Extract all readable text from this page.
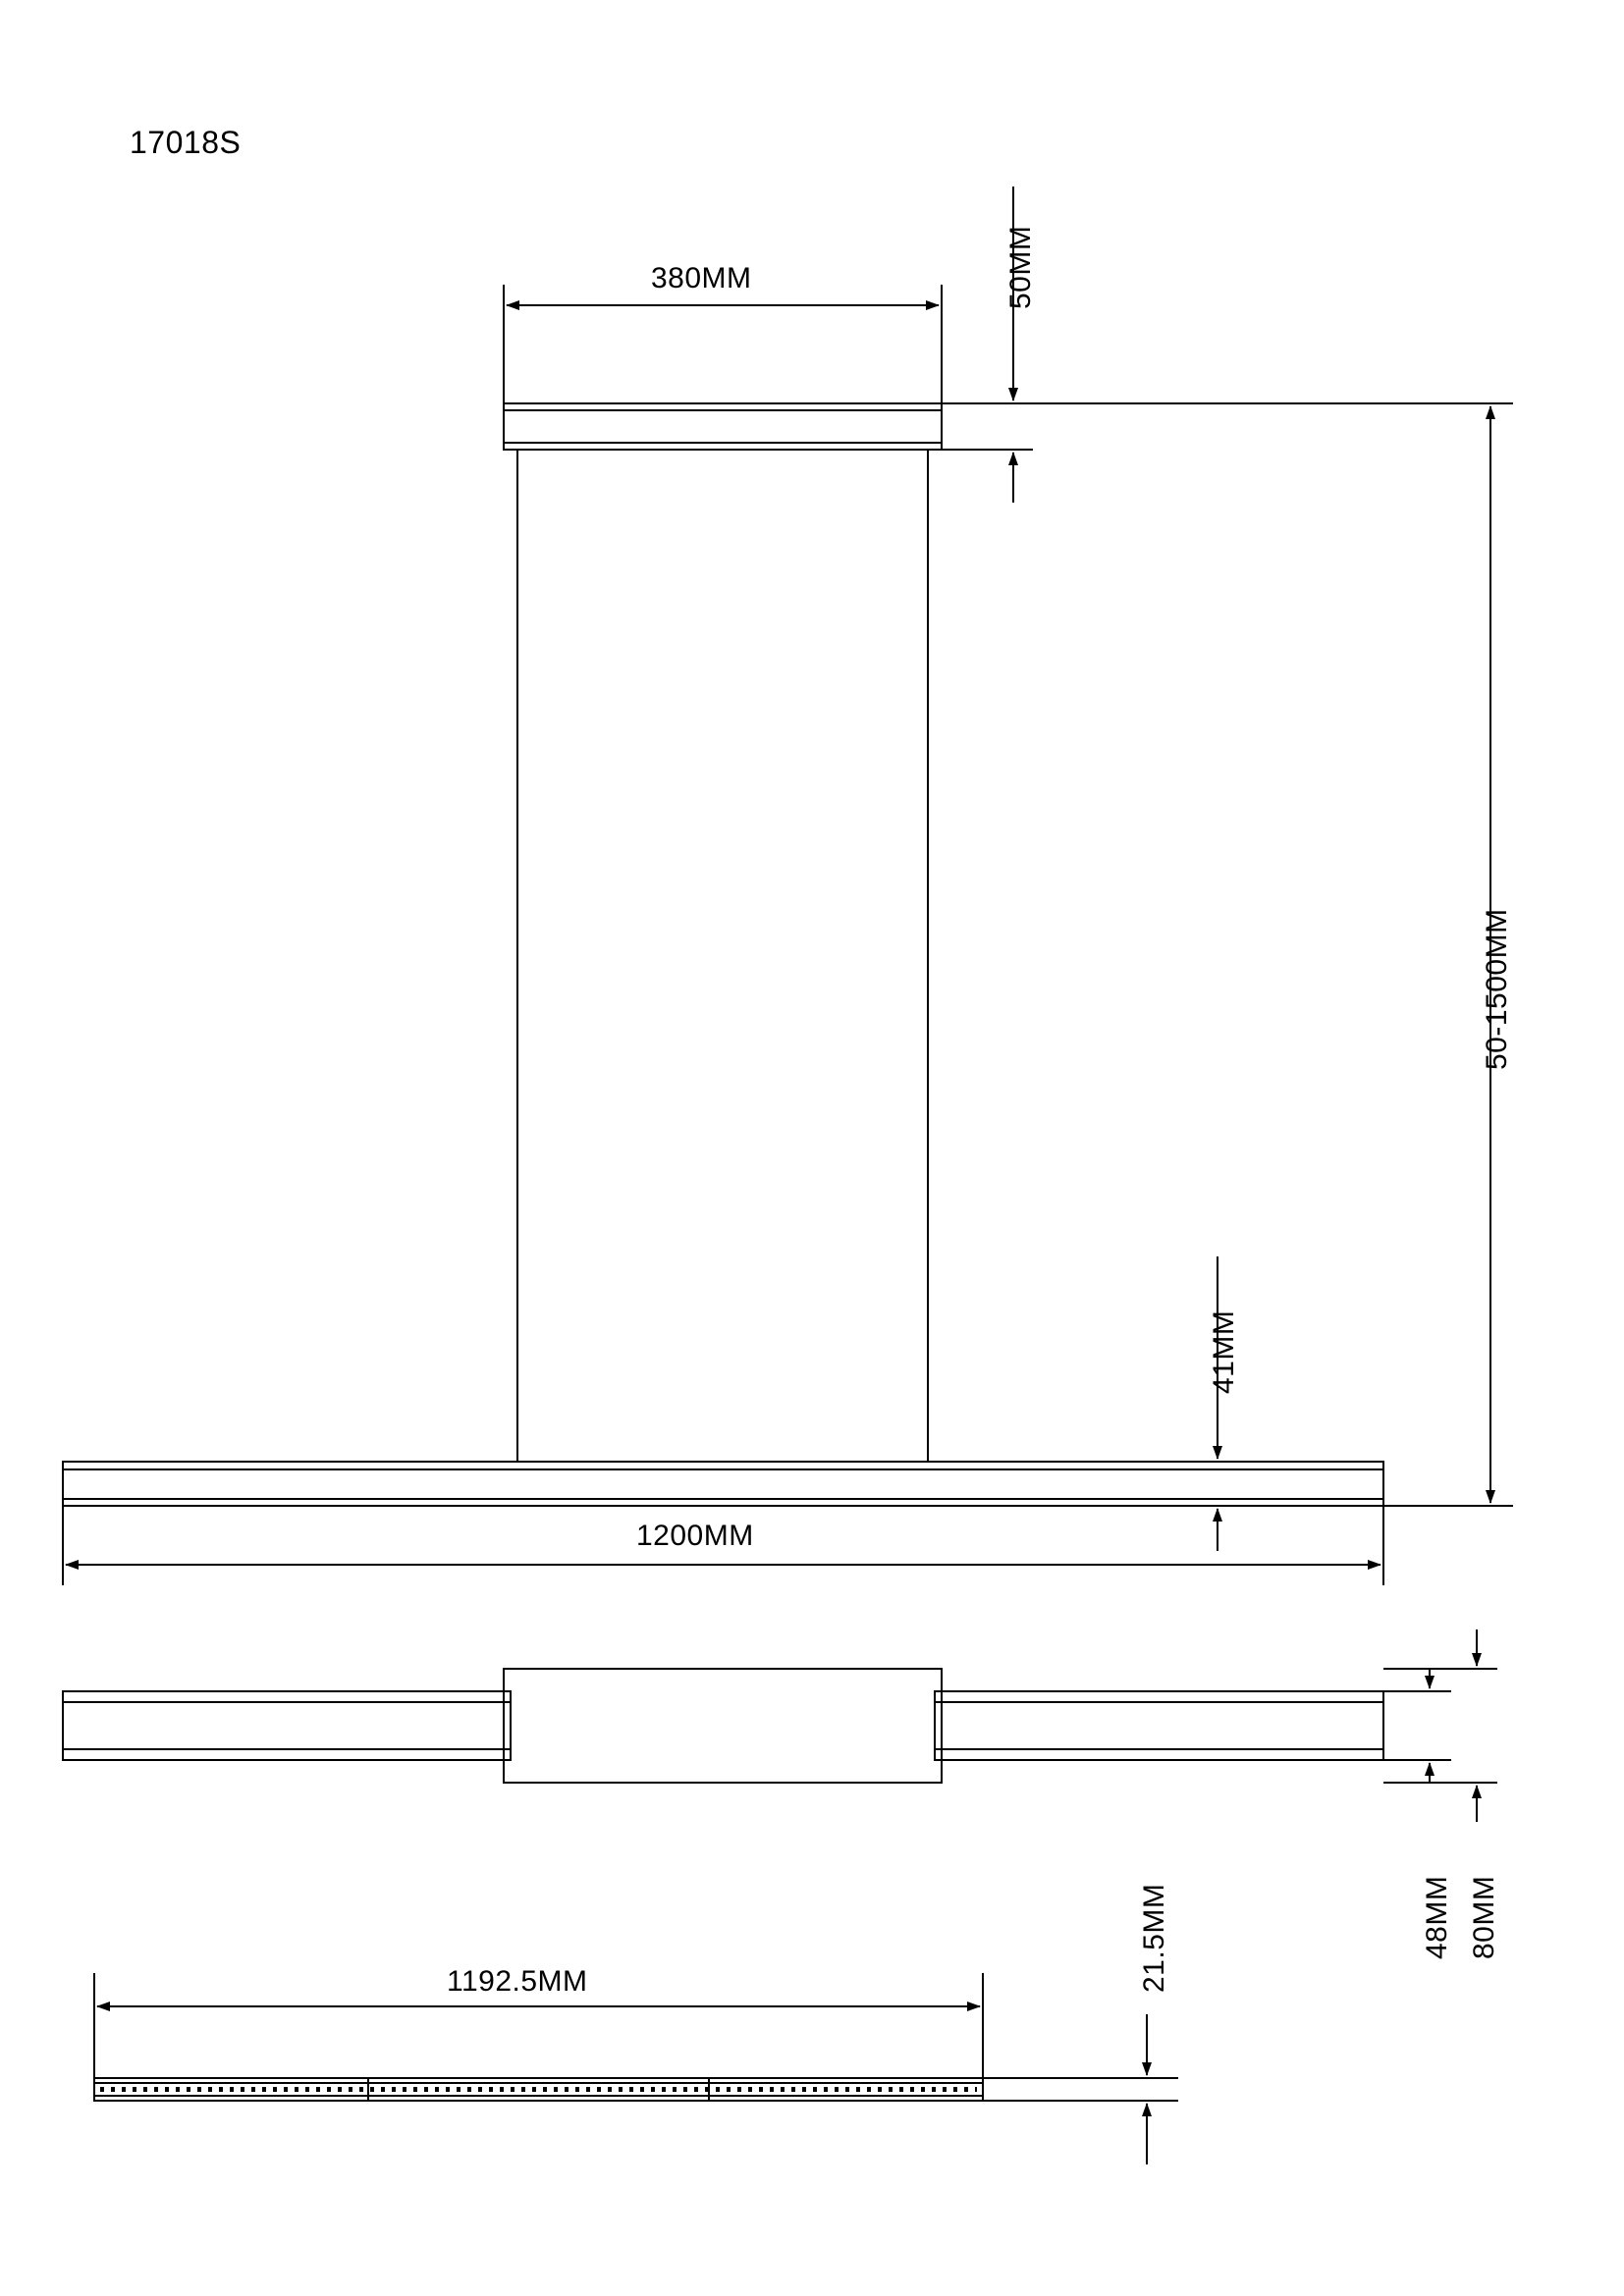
17018S
380MM	50MM
50-1500MM
41MM
1200MM
48MM 80MM
1192.5MM	21.5MM
